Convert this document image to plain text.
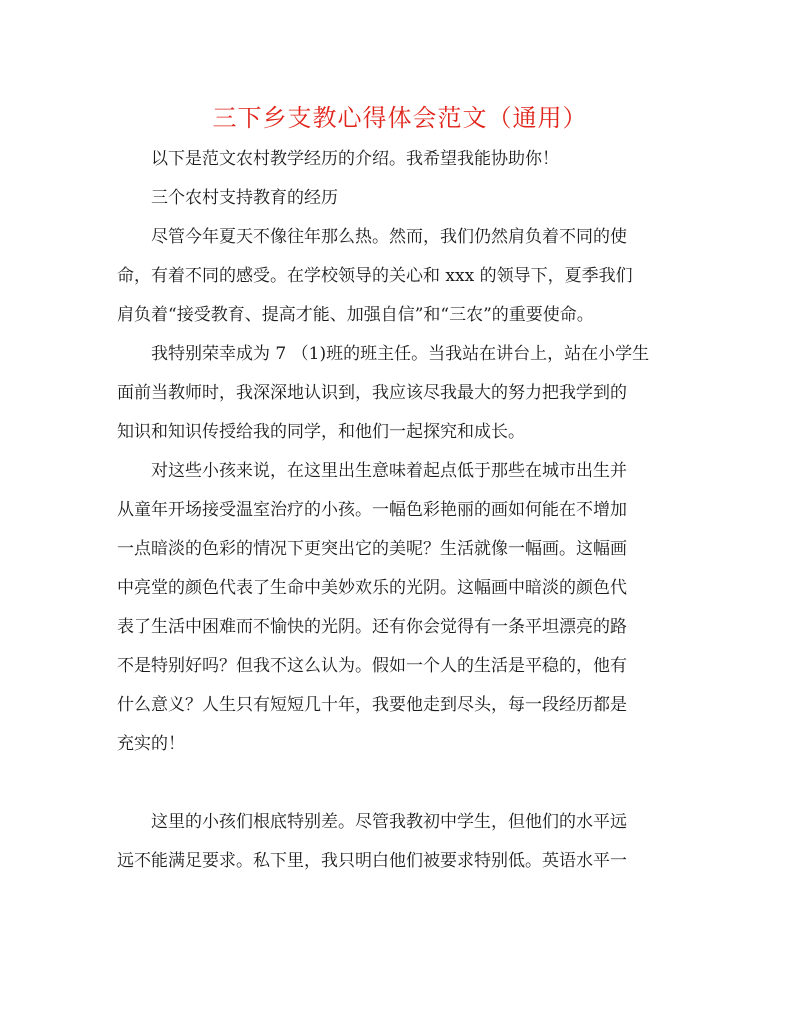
三下乡支教心得体会范文（通用）
以下是范文农村教学经历的介绍。我希望我能协助你！
三个农村支持教育的经历
尽管今年夏天不像往年那么热。然而，我们仍然肩负着不同的使
命，有着不同的感受。在学校领导的关心和 xxx 的领导下，夏季我们
肩负着“接受教育、提高才能、加强自信”和“三农”的重要使命。
我特别荣幸成为 7 （1)班的班主任。当我站在讲台上，站在小学生
面前当教师时，我深深地认识到，我应该尽我最大的努力把我学到的
知识和知识传授给我的同学，和他们一起探究和成长。
对这些小孩来说，在这里出生意味着起点低于那些在城市出生并
从童年开场接受温室治疗的小孩。一幅色彩艳丽的画如何能在不增加
一点暗淡的色彩的情况下更突出它的美呢？生活就像一幅画。这幅画
中亮堂的颜色代表了生命中美妙欢乐的光阴。这幅画中暗淡的颜色代
表了生活中困难而不愉快的光阴。还有你会觉得有一条平坦漂亮的路
不是特别好吗？但我不这么认为。假如一个人的生活是平稳的，他有
什么意义？人生只有短短几十年，我要他走到尽头，每一段经历都是
充实的！
这里的小孩们根底特别差。尽管我教初中学生，但他们的水平远
远不能满足要求。私下里，我只明白他们被要求特别低。英语水平一
